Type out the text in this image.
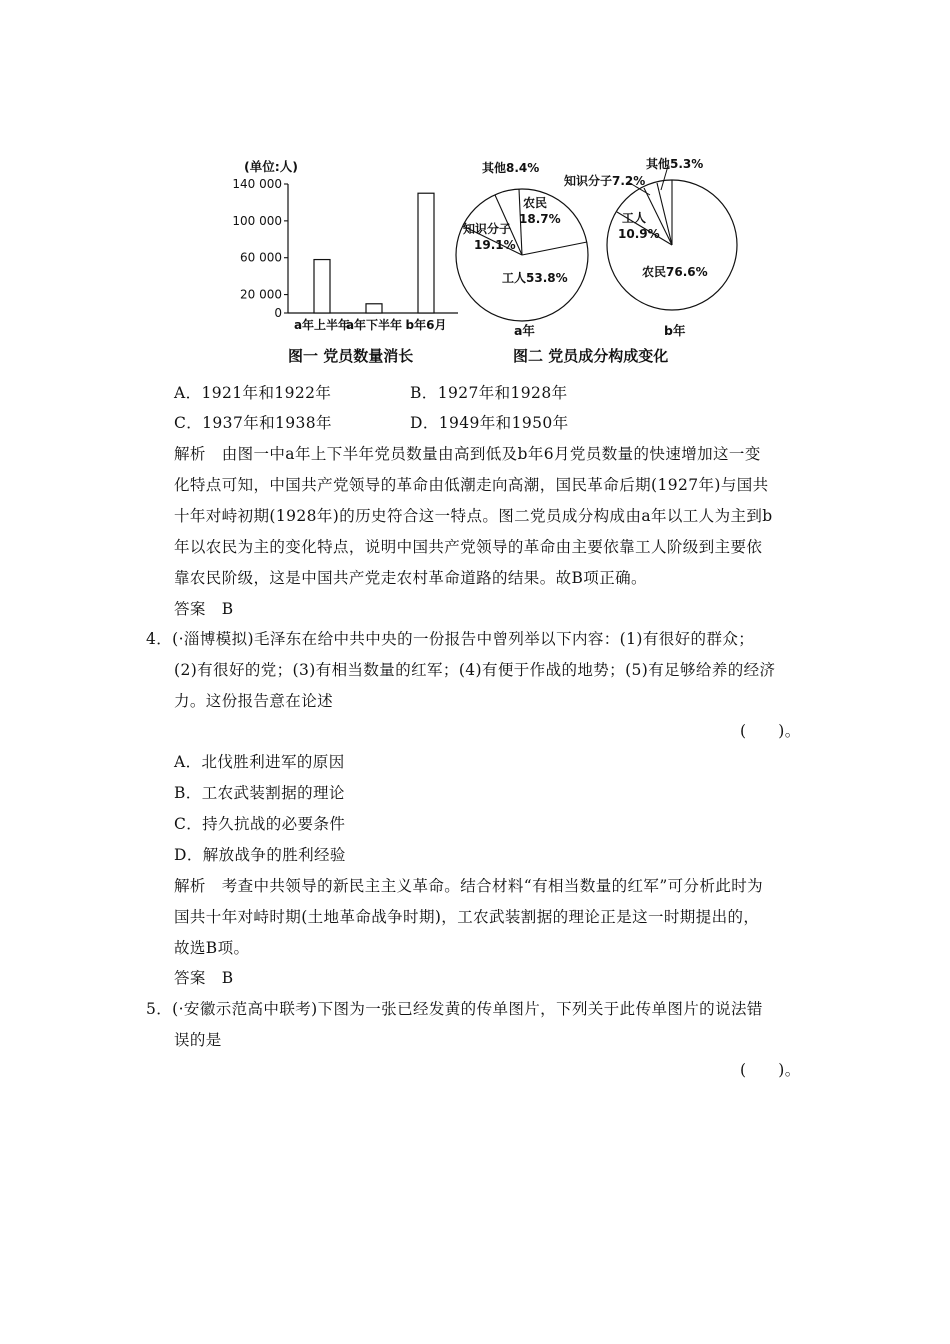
(单位:人)
0
20 000
60 000
100 000
140 000
a年上半年
a年下半年 b年6月
其他8.4%
农民
18.7%
知识分子
19.1%
工人53.8%
a年
其他5.3%
知识分子7.2%
工人
10.9%
农民76.6%
b年
图一 党员数量消长	图二 党员成分构成变化
A．1921年和1922年	B．1927年和1928年
C．1937年和1938年	D．1949年和1950年
解析　由图一中a年上下半年党员数量由高到低及b年6月党员数量的快速增加这一变
化特点可知，中国共产党领导的革命由低潮走向高潮，国民革命后期(1927年)与国共
十年对峙初期(1928年)的历史符合这一特点。图二党员成分构成由a年以工人为主到b
年以农民为主的变化特点，说明中国共产党领导的革命由主要依靠工人阶级到主要依
靠农民阶级，这是中国共产党走农村革命道路的结果。故B项正确。
答案　B
4．(·淄博模拟)毛泽东在给中共中央的一份报告中曾列举以下内容：(1)有很好的群众；
(2)有很好的党；(3)有相当数量的红军；(4)有便于作战的地势；(5)有足够给养的经济
力。这份报告意在论述
(　　)。
A．北伐胜利进军的原因
B．工农武装割据的理论
C．持久抗战的必要条件
D．解放战争的胜利经验
解析　考查中共领导的新民主主义革命。结合材料“有相当数量的红军”可分析此时为
国共十年对峙时期(土地革命战争时期)，工农武装割据的理论正是这一时期提出的，
故选B项。
答案　B
5．(·安徽示范高中联考)下图为一张已经发黄的传单图片，下列关于此传单图片的说法错
误的是
(　　)。
